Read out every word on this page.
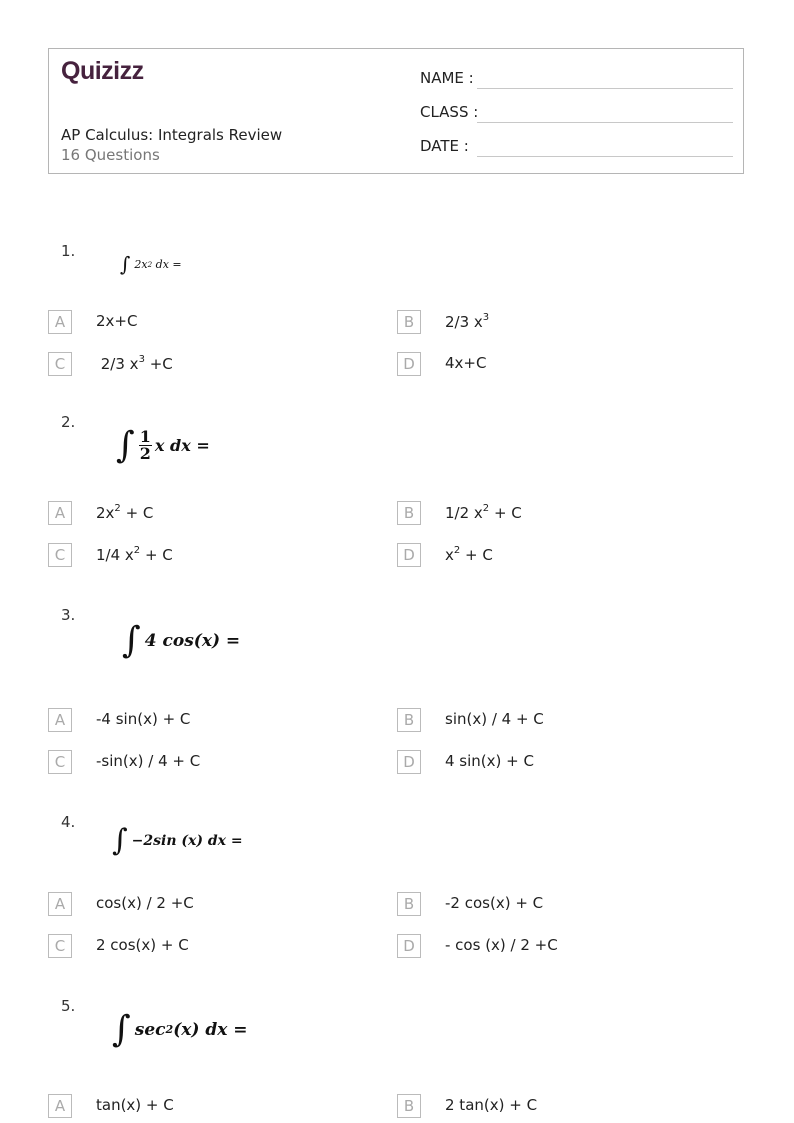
Quizizz
AP Calculus: Integrals Review
16 Questions
NAME :
CLASS :
DATE :
1.
∫ 2x 2 dx =
A	2x+C	B	2/3 $x^3$
C	2/3 $x^3 +C$	D	4x+C
2.
∫ $\frac{1}{2}$ x dx =
A	$2x^2 + C$	B	1/2 $x^2 + C$
C	1/4 $x^2 + C$	D	$x^2 + C$
3.
∫ 4 cos(x) =
A	-4 sin(x) + C	B	sin(x) / 4 + C
C	-sin(x) / 4 + C	D	4 sin(x) + C
4.
∫ −2sin (x) dx =
A	cos(x) / 2 +C	B	-2 cos(x) + C
C	2 cos(x) + C	D	- cos (x) / 2 +C
5.
∫ sec 2 (x) dx =
A	tan(x) + C	B	2 tan(x) + C
